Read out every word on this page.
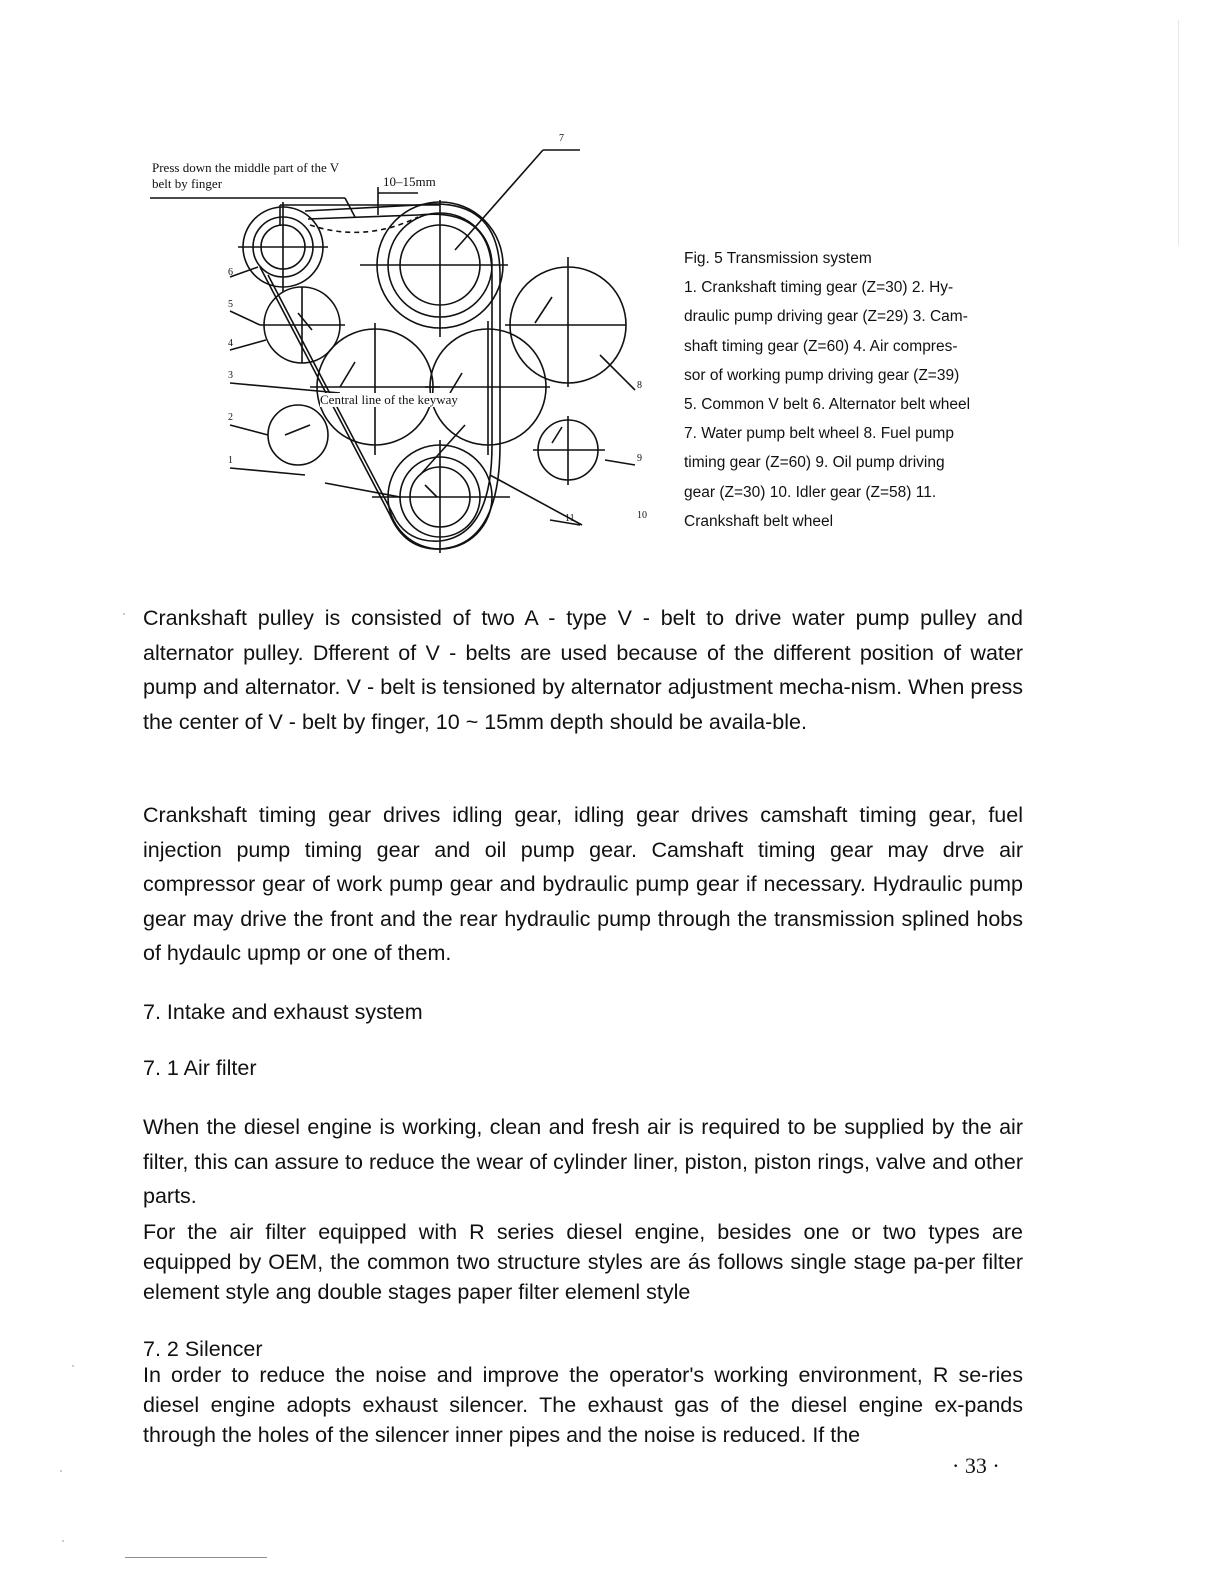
Press down the middle part of the V belt by finger	10–15mm
Central line of the keyway
1
2
3
4
5
6
7
8
9
10
11
Fig. 5 Transmission system
1. Crankshaft timing gear (Z=30) 2. Hy-
draulic pump driving gear (Z=29) 3. Cam-
shaft timing gear (Z=60) 4. Air compres-
sor of working pump driving gear (Z=39)
5. Common V belt 6. Alternator belt wheel
7. Water pump belt wheel 8. Fuel pump
timing gear (Z=60) 9. Oil pump driving
gear (Z=30) 10. Idler gear (Z=58) 11.
Crankshaft belt wheel
Crankshaft pulley is consisted of two A - type V - belt to drive water pump pulley and alternator pulley. Dfferent of V - belts are used because of the different position of water pump and alternator. V - belt is tensioned by alternator adjustment mecha-nism. When press the center of V - belt by finger, 10 ~ 15mm depth should be availa-ble.
Crankshaft timing gear drives idling gear, idling gear drives camshaft timing gear, fuel injection pump timing gear and oil pump gear. Camshaft timing gear may drve air compressor gear of work pump gear and bydraulic pump gear if necessary. Hydraulic pump gear may drive the front and the rear hydraulic pump through the transmission splined hobs of hydaulc upmp or one of them.
7. Intake and exhaust system
7. 1 Air filter
When the diesel engine is working, clean and fresh air is required to be supplied by the air filter, this can assure to reduce the wear of cylinder liner, piston, piston rings, valve and other parts.
For the air filter equipped with R series diesel engine, besides one or two types are equipped by OEM, the common two structure styles are ás follows single stage pa-per filter element style ang double stages paper filter elemenl style
7. 2 Silencer
In order to reduce the noise and improve the operator's working environment, R se-ries diesel engine adopts exhaust silencer. The exhaust gas of the diesel engine ex-pands through the holes of the silencer inner pipes and the noise is reduced. If the
· 33 ·
